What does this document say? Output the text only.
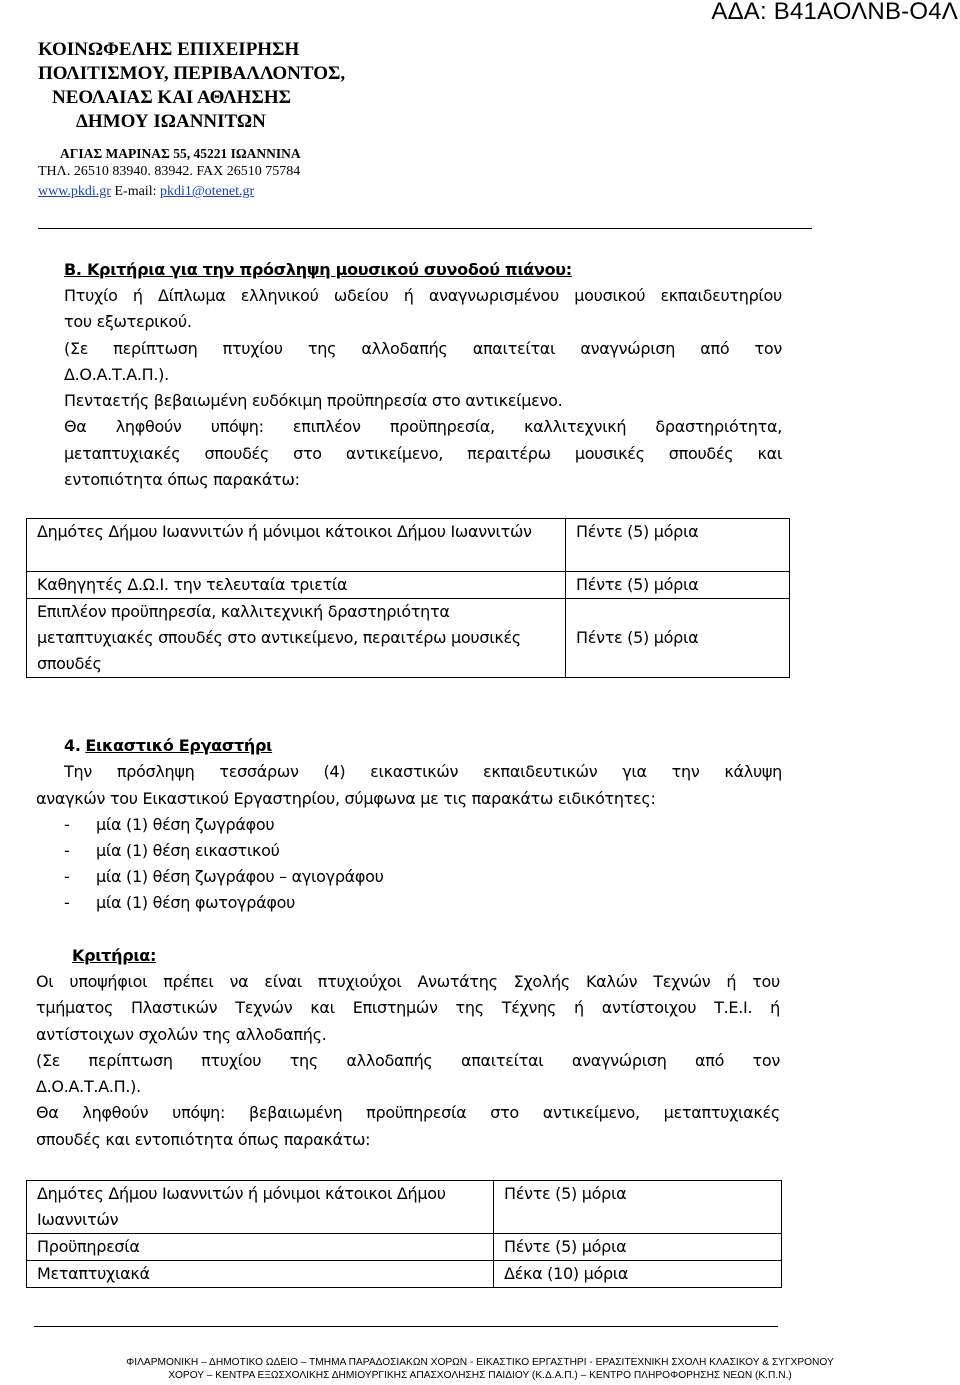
ΑΔΑ: Β41ΑΟΛΝΒ-Ο4Λ
ΚΟΙΝΩΦΕΛΗΣ ΕΠΙΧΕΙΡΗΣΗ
ΠΟΛΙΤΙΣΜΟΥ, ΠΕΡΙΒΑΛΛΟΝΤΟΣ,
ΝΕΟΛΑΙΑΣ ΚΑΙ ΑΘΛΗΣΗΣ
ΔΗΜΟΥ ΙΩΑΝΝΙΤΩΝ
ΑΓΙΑΣ ΜΑΡΙΝΑΣ 55, 45221 ΙΩΑΝΝΙΝΑ
ΤΗΛ. 26510 83940. 83942. FAX 26510 75784
www.pkdi.gr E-mail: pkdi1@otenet.gr
Β. Κριτήρια για την πρόσληψη μουσικού συνοδού πιάνου:
Πτυχίο ή Δίπλωμα ελληνικού ωδείου ή αναγνωρισμένου μουσικού εκπαιδευτηρίου
του εξωτερικού.
(Σε περίπτωση πτυχίου της αλλοδαπής απαιτείται αναγνώριση από τον
Δ.Ο.Α.Τ.Α.Π.).
Πενταετής βεβαιωμένη ευδόκιμη προϋπηρεσία στο αντικείμενο.
Θα ληφθούν υπόψη: επιπλέον προϋπηρεσία, καλλιτεχνική δραστηριότητα,
μεταπτυχιακές σπουδές στο αντικείμενο, περαιτέρω μουσικές σπουδές και
εντοπιότητα όπως παρακάτω:
Δημότες Δήμου Ιωαννιτών ή μόνιμοι κάτοικοι Δήμου Ιωαννιτών	Πέντε (5) μόρια
Καθηγητές Δ.Ω.Ι. την τελευταία τριετία	Πέντε (5) μόρια
Επιπλέον προϋπηρεσία, καλλιτεχνική δραστηριότητα μεταπτυχιακές σπουδές στο αντικείμενο, περαιτέρω μουσικές σπουδές	Πέντε (5) μόρια
4. Εικαστικό Εργαστήρι
Την πρόσληψη τεσσάρων (4) εικαστικών εκπαιδευτικών για την κάλυψη
αναγκών του Εικαστικού Εργαστηρίου, σύμφωνα με τις παρακάτω ειδικότητες:
- μία (1) θέση ζωγράφου
- μία (1) θέση εικαστικού
- μία (1) θέση ζωγράφου – αγιογράφου
- μία (1) θέση φωτογράφου
Κριτήρια:
Οι υποψήφιοι πρέπει να είναι πτυχιούχοι Ανωτάτης Σχολής Καλών Τεχνών ή του
τμήματος Πλαστικών Τεχνών και Επιστημών της Τέχνης ή αντίστοιχου Τ.Ε.Ι. ή
αντίστοιχων σχολών της αλλοδαπής.
(Σε περίπτωση πτυχίου της αλλοδαπής απαιτείται αναγνώριση από τον
Δ.Ο.Α.Τ.Α.Π.).
Θα ληφθούν υπόψη: βεβαιωμένη προϋπηρεσία στο αντικείμενο, μεταπτυχιακές
σπουδές και εντοπιότητα όπως παρακάτω:
Δημότες Δήμου Ιωαννιτών ή μόνιμοι κάτοικοι Δήμου Ιωαννιτών	Πέντε (5) μόρια
Προϋπηρεσία	Πέντε (5) μόρια
Μεταπτυχιακά	Δέκα (10) μόρια
ΦΙΛΑΡΜΟΝΙΚΗ – ΔΗΜΟΤΙΚΟ ΩΔΕΙΟ – ΤΜΗΜΑ ΠΑΡΑΔΟΣΙΑΚΩΝ ΧΟΡΩΝ - ΕΙΚΑΣΤΙΚΟ ΕΡΓΑΣΤΗΡΙ - ΕΡΑΣΙΤΕΧΝΙΚΗ ΣΧΟΛΗ ΚΛΑΣΙΚΟΥ & ΣΥΓΧΡΟΝΟΥ
ΧΟΡΟΥ – ΚΕΝΤΡΑ ΕΞΩΣΧΟΛΙΚΗΣ ΔΗΜΙΟΥΡΓΙΚΗΣ ΑΠΑΣΧΟΛΗΣΗΣ ΠΑΙΔΙΟΥ (Κ.Δ.Α.Π.) – ΚΕΝΤΡΟ ΠΛΗΡΟΦΟΡΗΣΗΣ ΝΕΩΝ (Κ.Π.Ν.)
